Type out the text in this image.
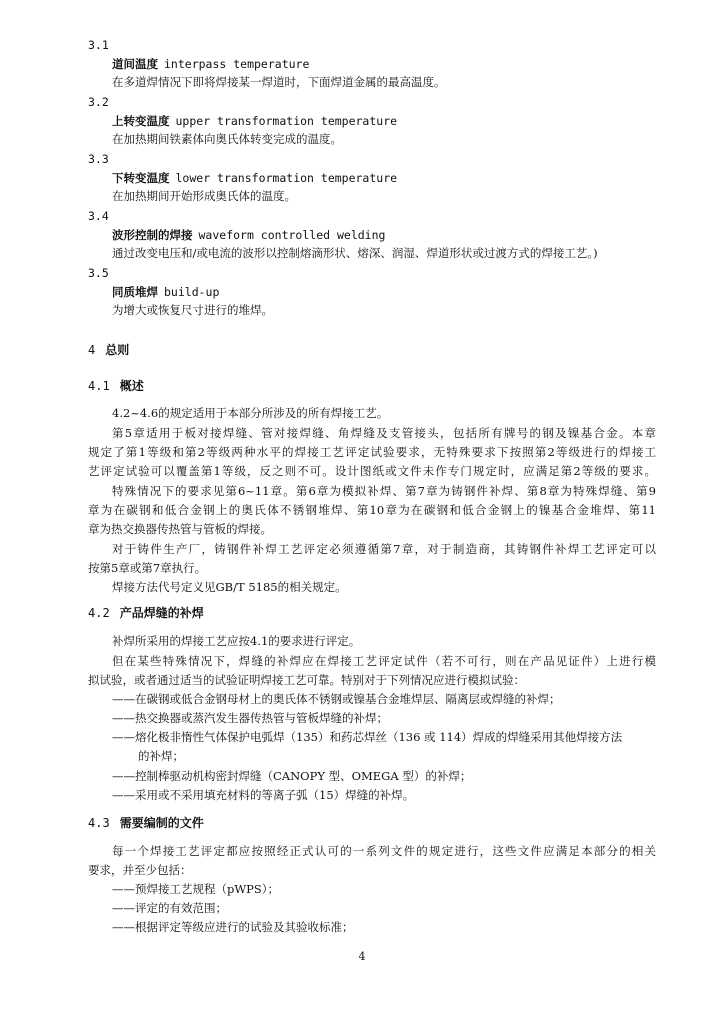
3.1
道间温度 interpass temperature
在多道焊情况下即将焊接某一焊道时，下面焊道金属的最高温度。
3.2
上转变温度 upper transformation temperature
在加热期间铁素体向奥氏体转变完成的温度。
3.3
下转变温度 lower transformation temperature
在加热期间开始形成奥氏体的温度。
3.4
波形控制的焊接 waveform controlled welding
通过改变电压和/或电流的波形以控制熔滴形状、熔深、润湿、焊道形状或过渡方式的焊接工艺。)
3.5
同质堆焊 build-up
为增大或恢复尺寸进行的堆焊。
4 总则
4.1 概述
4.2~4.6的规定适用于本部分所涉及的所有焊接工艺。
第5章适用于板对接焊缝、管对接焊缝、角焊缝及支管接头，包括所有牌号的钢及镍基合金。本章
规定了第1等级和第2等级两种水平的焊接工艺评定试验要求，无特殊要求下按照第2等级进行的焊接工
艺评定试验可以覆盖第1等级，反之则不可。设计图纸或文件未作专门规定时，应满足第2等级的要求。
特殊情况下的要求见第6~11章。第6章为模拟补焊、第7章为铸钢件补焊、第8章为特殊焊缝、第9
章为在碳钢和低合金钢上的奥氏体不锈钢堆焊、第10章为在碳钢和低合金钢上的镍基合金堆焊、第11
章为热交换器传热管与管板的焊接。
对于铸件生产厂，铸钢件补焊工艺评定必须遵循第7章，对于制造商，其铸钢件补焊工艺评定可以
按第5章或第7章执行。
焊接方法代号定义见GB/T 5185的相关规定。
4.2 产品焊缝的补焊
补焊所采用的焊接工艺应按4.1的要求进行评定。
但在某些特殊情况下，焊缝的补焊应在焊接工艺评定试件（若不可行，则在产品见证件）上进行模
拟试验，或者通过适当的试验证明焊接工艺可靠。特别对于下列情况应进行模拟试验：
——在碳钢或低合金钢母材上的奥氏体不锈钢或镍基合金堆焊层、隔离层或焊缝的补焊；
——热交换器或蒸汽发生器传热管与管板焊缝的补焊；
——熔化极非惰性气体保护电弧焊（135）和药芯焊丝（136 或 114）焊成的焊缝采用其他焊接方法
的补焊；
——控制棒驱动机构密封焊缝（CANOPY 型、OMEGA 型）的补焊；
——采用或不采用填充材料的等离子弧（15）焊缝的补焊。
4.3 需要编制的文件
每一个焊接工艺评定都应按照经正式认可的一系列文件的规定进行，这些文件应满足本部分的相关
要求，并至少包括：
——预焊接工艺规程（pWPS）；
——评定的有效范围；
——根据评定等级应进行的试验及其验收标准；
4
